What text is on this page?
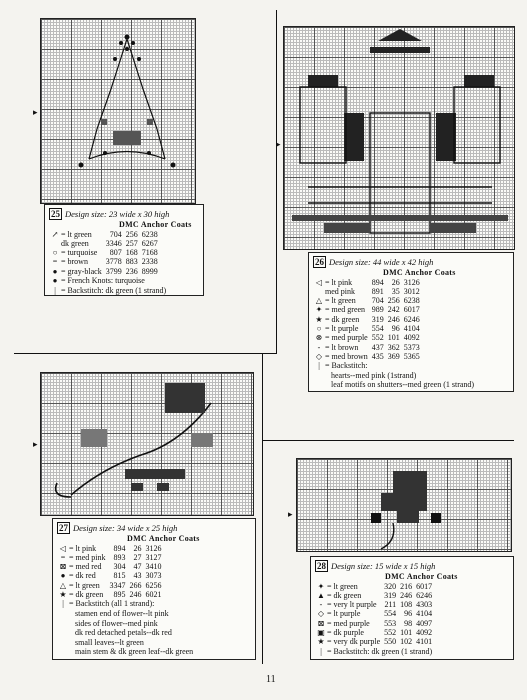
▸
▸
▸
▸
25 Design size: 23 wide x 30 high
DMC Anchor Coats
↗	= lt green	704	256	6238
	dk green	3346	257	6267
○	= turquoise	807	168	7168
=	= brown	3778	883	2338
●	= gray-black	3799	236	8999
● = French Knots: turquoise
| = Backstitch: dk green (1 strand)
26 Design size: 44 wide x 42 high
DMC Anchor Coats
◁	= lt pink	894	26	3126
	med pink	891	35	3012
△	= lt green	704	256	6238
✦	= med green	989	242	6017
★	= dk green	319	246	6246
○	= lt purple	554	96	4104
⊗	= med purple	552	101	4092
-	= lt brown	437	362	5373
◇	= med brown	435	369	5365
| = Backstitch:
hearts--med pink (1strand)
leaf motifs on shutters--med green (1 strand)
27 Design size: 34 wide x 25 high
DMC Anchor Coats
◁	= lt pink	894	26	3126
=	= med pink	893	27	3127
⊠	= med red	304	47	3410
●	= dk red	815	43	3073
△	= lt green	3347	266	6256
★	= dk green	895	246	6021
| = Backstitch (all 1 strand):
stamen end of flower--lt pink
sides of flower--med pink
dk red detached petals--dk red
small leaves--lt green
main stem & dk green leaf--dk green
28 Design size: 15 wide x 15 high
DMC Anchor Coats
✦	= lt green	320	216	6017
▲	= dk green	319	246	6246
-	= very lt purple	211	108	4303
◇	= lt purple	554	96	4104
⊠	= med purple	553	98	4097
▣	= dk purple	552	101	4092
★	= very dk purple	550	102	4101
| = Backstitch: dk green (1 strand)
11
